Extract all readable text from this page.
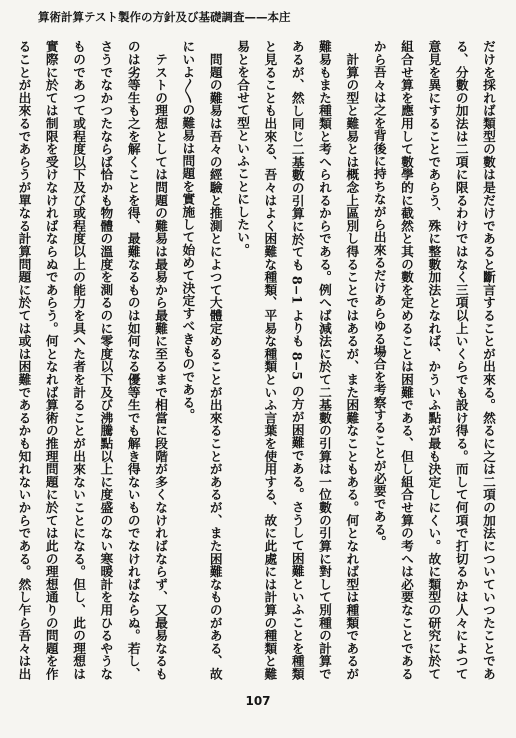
算術計算テスト製作の方針及び基礎調査——本庄
だけを採れば類型の數は是だけであると斷言することが出來る。然るに之は二項の加法についていつたことであ
る、分數の加法は二項に限るわけではなく三項以上いくらでも設け得る。而して何項で打切るかは人々によつて
意見を異にすることであらう、殊に整數加法となれば、かういふ點が最も決定しにくい。故に類型の研究に於て
組合せ算を應用して數學的に截然と其の數を定めることは困難である、但し組合せ算の考へは必要なことである
から吾々は之を背後に持ちながら出來るだけあらゆる場合を考察することが必要である。
　計算の型と難易とは概念上區別し得ることではあるが、また困難なこともある。何となれば型は種類であるが
難易もまた種類と考へられるからである。例へば減法に於て二基數の引算は一位數の引算に對して別種の計算で
あるが、然し同じ二基數の引算に於ても 8−1 よりも 8−5 の方が困難である。さうして困難といふことを種類
と見ることも出來る、吾々はよく困難な種類、平易な種類といふ言葉を使用する、故に此處には計算の種類と難
易とを合せて型といふことにしたい。
　問題の難易は吾々の經驗と推測とによつて大體定めることが出來ることがあるが、また困難なものがある、故
にいよ〳〵の難易は問題を實施して始めて決定すべきものである。
　テストの理想としては問題の難易は最易から最難に至るまで相當に段階が多くなければならず、又最易なるも
のは劣等生も之を解くことを得、最難なるものは如何なる優等生でも解き得ないものでなければならぬ。若し、
さうでなかつたならば恰かも物體の溫度を測るのに零度以下及び沸騰點以上に度盛のない寒暖計を用ひるやうな
ものであつて或程度以下及び或程度以上の能力を具へた者を計ることが出來ないことになる。但し、此の理想は
實際に於ては制限を受けなければならぬであらう。何となれば算術の推理問題に於ては此の理想通りの問題を作
ることが出來るであらうが單なる計算問題に於ては或は困難であるかも知れないからである。然し乍ら吾々は出
107
